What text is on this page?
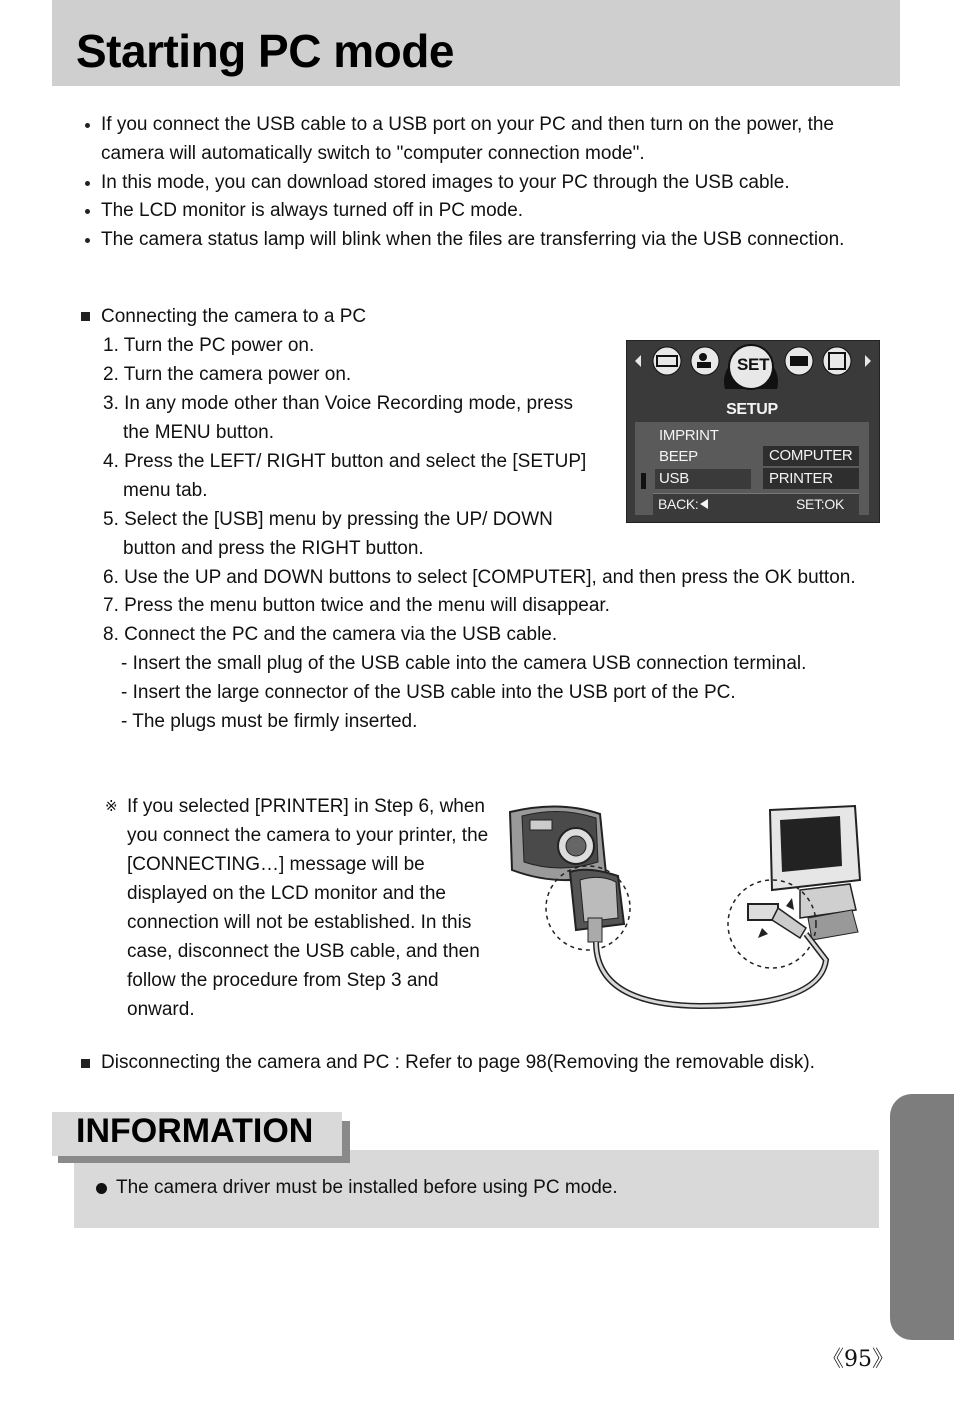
Starting PC mode
If you connect the USB cable to a USB port on your PC and then turn on the power, the
camera will automatically switch to "computer connection mode".
In this mode, you can download stored images to your PC through the USB cable.
The LCD monitor is always turned off in PC mode.
The camera status lamp will blink when the files are transferring via the USB connection.
Connecting the camera to a PC
1. Turn the PC power on.
2. Turn the camera power on.
3. In any mode other than Voice Recording mode, press
the MENU button.
4. Press the LEFT/ RIGHT button and select the [SETUP]
menu tab.
5. Select the [USB] menu by pressing the UP/ DOWN
button and press the RIGHT button.
6. Use the UP and DOWN buttons to select [COMPUTER], and then press the OK button.
7. Press the menu button twice and the menu will disappear.
8. Connect the PC and the camera via the USB cable.
- Insert the small plug of the USB cable into the camera USB connection terminal.
- Insert the large connector of the USB cable into the USB port of the PC.
- The plugs must be firmly inserted.
SET
SETUP
IMPRINT
BEEP
USB
COMPUTER
PRINTER
BACK:	SET:OK
※ If you selected [PRINTER] in Step 6, when
you connect the camera to your printer, the
[CONNECTING…] message will be
displayed on the LCD monitor and the
connection will not be established. In this
case, disconnect the USB cable, and then
follow the procedure from Step 3 and
onward.
Disconnecting the camera and PC : Refer to page 98(Removing the removable disk).
INFORMATION
The camera driver must be installed before using PC mode.
《95》
